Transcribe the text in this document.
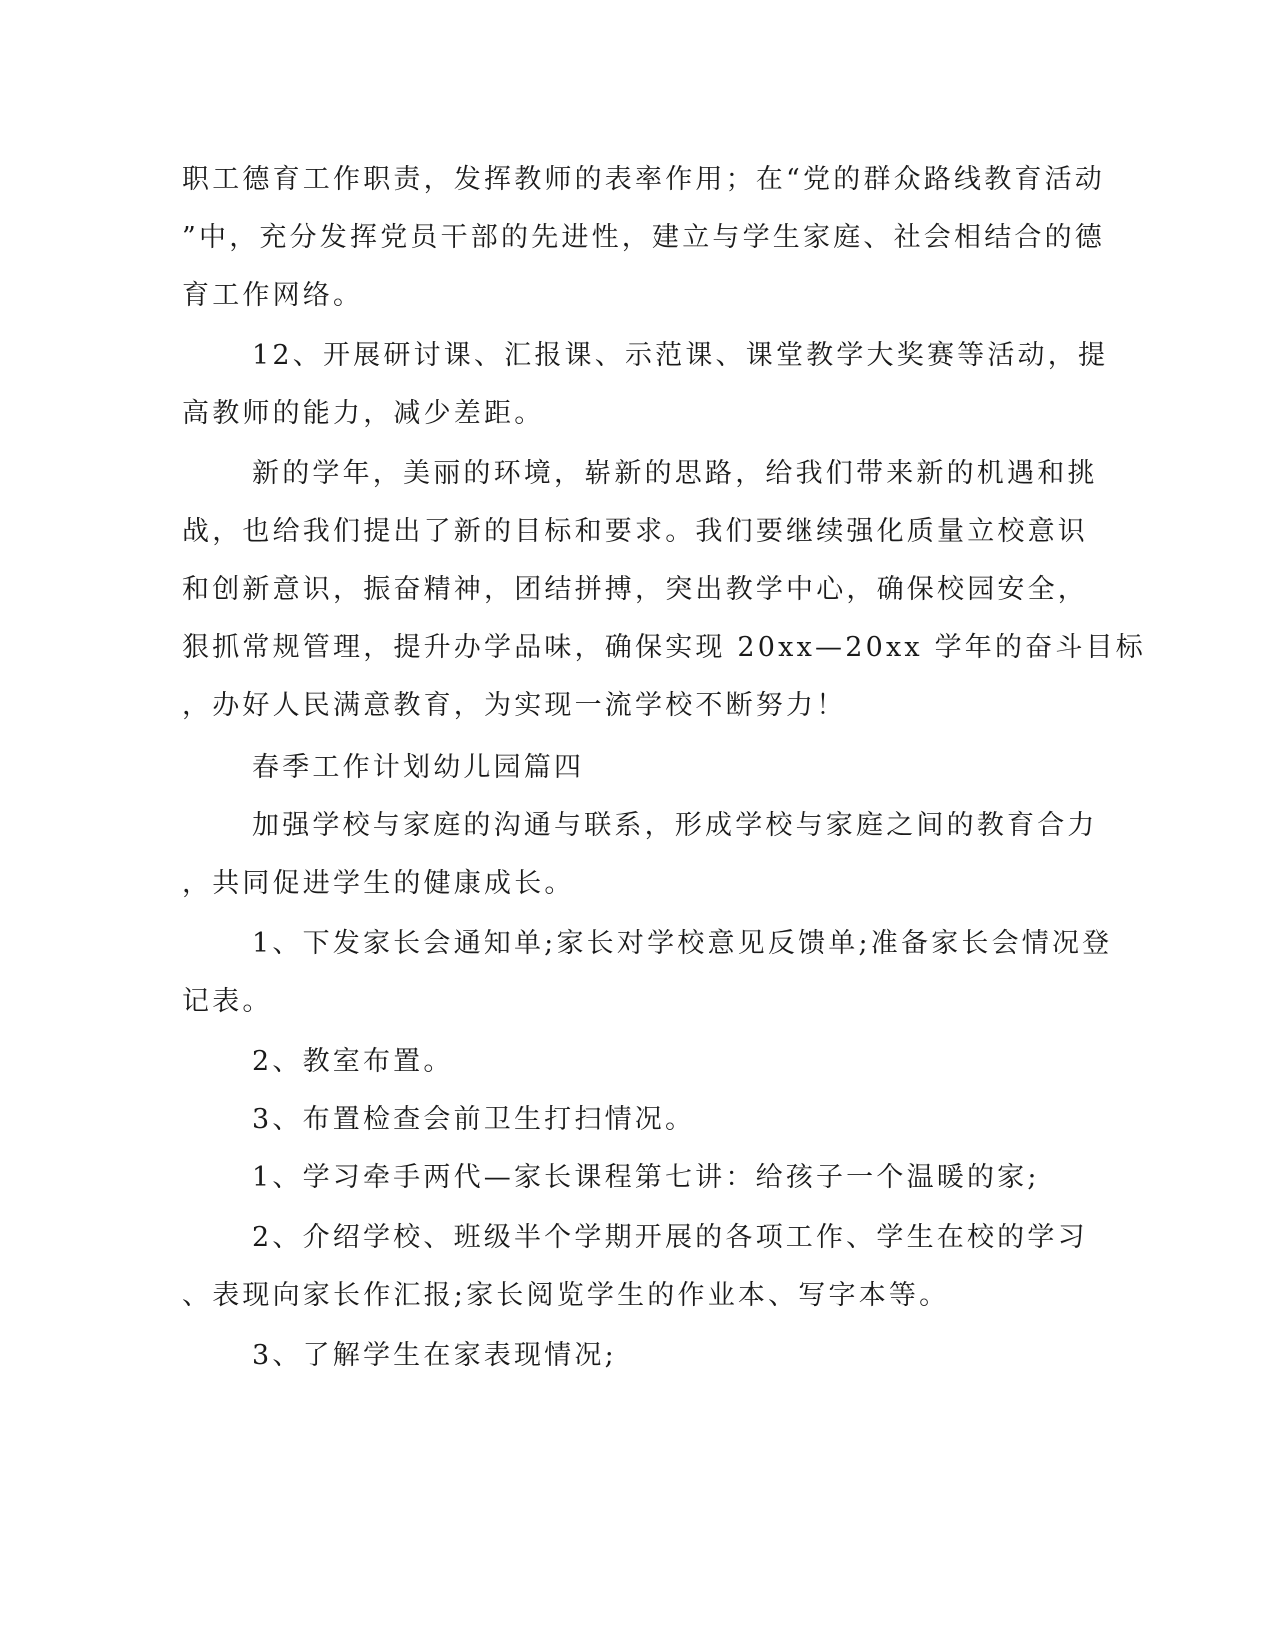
职工德育工作职责，发挥教师的表率作用；在“党的群众路线教育活动
”中，充分发挥党员干部的先进性，建立与学生家庭、社会相结合的德
育工作网络。
12、开展研讨课、汇报课、示范课、课堂教学大奖赛等活动，提
高教师的能力，减少差距。
新的学年，美丽的环境，崭新的思路，给我们带来新的机遇和挑
战，也给我们提出了新的目标和要求。我们要继续强化质量立校意识
和创新意识，振奋精神，团结拼搏，突出教学中心，确保校园安全，
狠抓常规管理，提升办学品味，确保实现 20xx—20xx 学年的奋斗目标
，办好人民满意教育，为实现一流学校不断努力！
春季工作计划幼儿园篇四
加强学校与家庭的沟通与联系，形成学校与家庭之间的教育合力
，共同促进学生的健康成长。
1、下发家长会通知单;家长对学校意见反馈单;准备家长会情况登
记表。
2、教室布置。
3、布置检查会前卫生打扫情况。
1、学习牵手两代—家长课程第七讲：给孩子一个温暖的家;
2、介绍学校、班级半个学期开展的各项工作、学生在校的学习
、表现向家长作汇报;家长阅览学生的作业本、写字本等。
3、了解学生在家表现情况;
